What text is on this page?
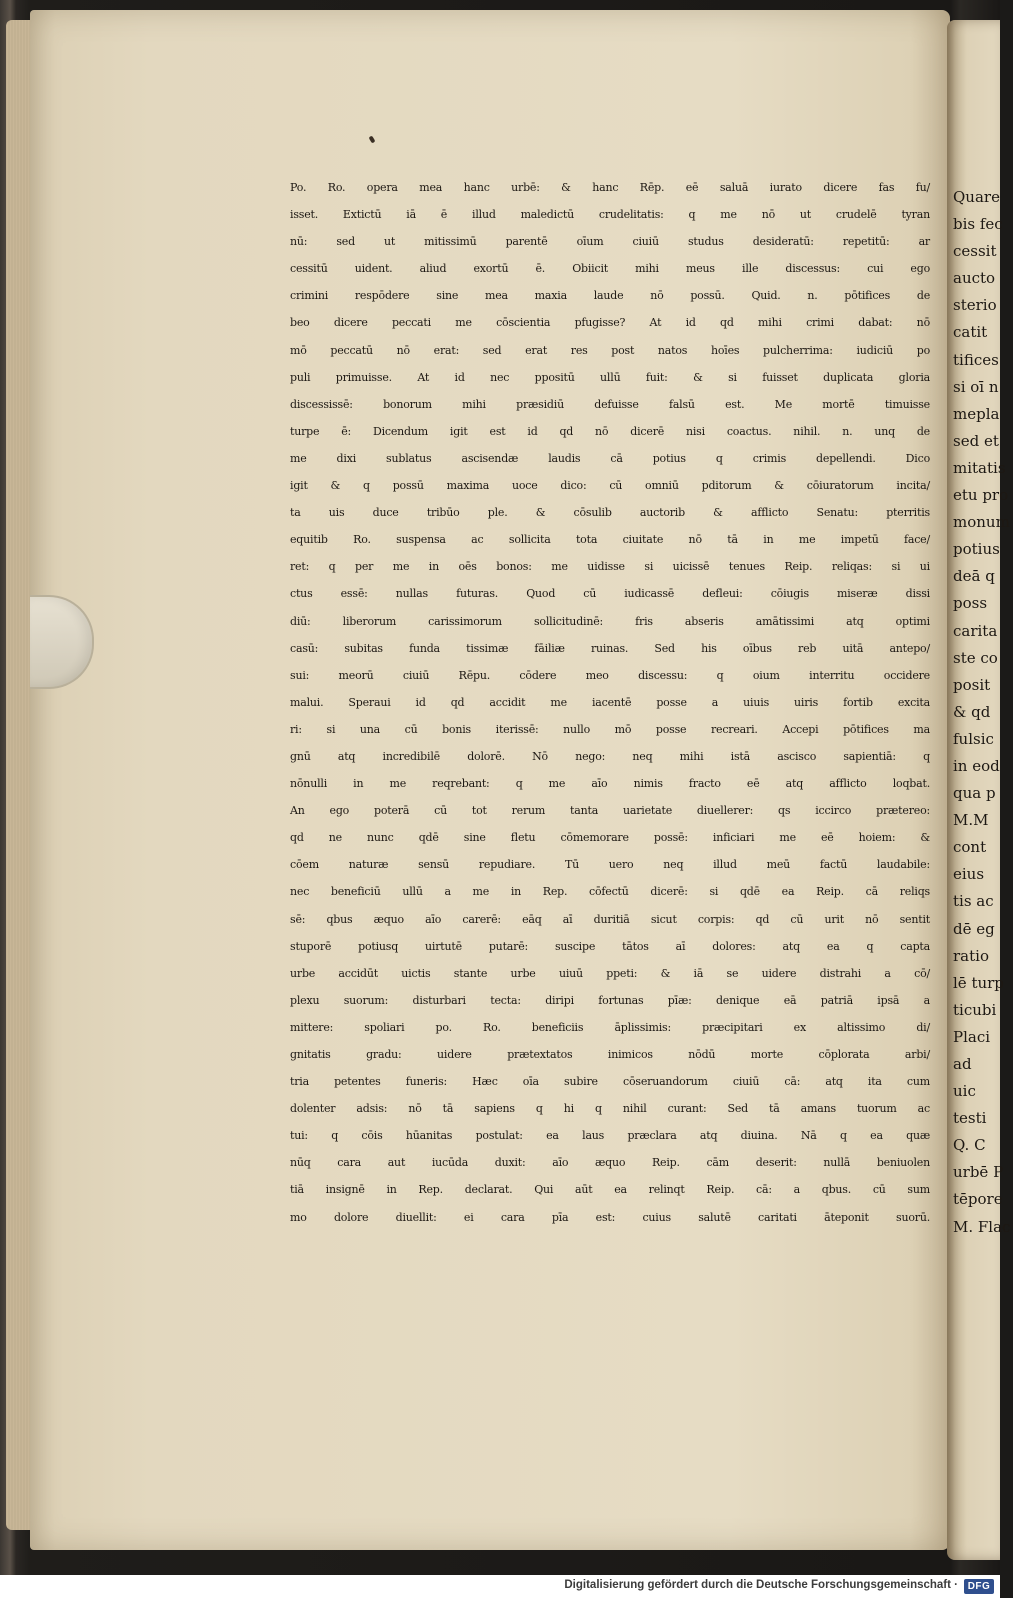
Po. Ro. opera mea hanc urbē: & hanc Rēp. eē saluā iurato dicere fas fu/
isset. Extictū iā ē illud maledictū crudelitatis: q me nō ut crudelē tyran
nū: sed ut mitissimū parentē oīum ciuiū studus desideratū: repetitū: ar
cessitū uident. aliud exortū ē. Obiicit mihi meus ille discessus: cui ego
crimini respōdere sine mea maxia laude nō possū. Quid. n. pōtifices de
beo dicere peccati me cōscientia pfugisse? At id qd mihi crimi dabat: nō
mō peccatū nō erat: sed erat res post natos hoīes pulcherrima: iudiciū po
puli primuisse. At id nec ppositū ullū fuit: & si fuisset duplicata gloria
discessissē: bonorum mihi præsidiū defuisse falsū est. Me mortē timuisse
turpe ē: Dicendum igit est id qd nō dicerē nisi coactus. nihil. n. unq de
me dixi sublatus ascisendæ laudis cā potius q crimis depellendi. Dico
igit & q possū maxima uoce dico: cū omniū pditorum & cōiuratorum incita/
ta uis duce tribūo ple. & cōsulib auctorib & afflicto Senatu: pterritis
equitib Ro. suspensa ac sollicita tota ciuitate nō tā in me impetū face/
ret: q per me in oēs bonos: me uidisse si uicissē tenues Reip. reliqas: si ui
ctus essē: nullas futuras. Quod cū iudicassē defleui: cōiugis miseræ dissi
diū: liberorum carissimorum sollicitudinē: fris abseris amātissimi atq optimi
casū: subitas funda tissimæ fāiliæ ruinas. Sed his oībus reb uitā antepo/
sui: meorū ciuiū Rēpu. cōdere meo discessu: q oium interritu occidere
malui. Speraui id qd accidit me iacentē posse a uiuis uiris fortib excita
ri: si una cū bonis iterissē: nullo mō posse recreari. Accepi pōtifices ma
gnū atq incredibilē dolorē. Nō nego: neq mihi istā ascisco sapientiā: q
nōnulli in me reqrebant: q me aīo nimis fracto eē atq afflicto loqbat.
An ego poterā cū tot rerum tanta uarietate diuellerer: qs iccirco prætereo:
qd ne nunc qdē sine fletu cōmemorare possē: inficiari me eē hoiem: &
cōem naturæ sensū repudiare. Tū uero neq illud meū factū laudabile:
nec beneficiū ullū a me in Rep. cōfectū dicerē: si qdē ea Reip. cā reliqs
sē: qbus æquo aīo carerē: eāq aī duritiā sicut corpis: qd cū urit nō sentit
stuporē potiusq uirtutē putarē: suscipe tātos aī dolores: atq ea q capta
urbe accidūt uictis stante urbe uiuū ppeti: & iā se uidere distrahi a cō/
plexu suorum: disturbari tecta: diripi fortunas pīæ: denique eā patriā ipsā a
mittere: spoliari po. Ro. beneficiis āplissimis: præcipitari ex altissimo di/
gnitatis gradu: uidere prætextatos inimicos nōdū morte cōplorata arbi/
tria petentes funeris: Hæc oīa subire cōseruandorum ciuiū cā: atq ita cum
dolenter adsis: nō tā sapiens q hi q nihil curant: Sed tā amans tuorum ac
tui: q cōis hūanitas postulat: ea laus præclara atq diuina. Nā q ea quæ
nūq cara aut iucūda duxit: aīo æquo Reip. cām deserit: nullā beniuolen
tiā insignē in Rep. declarat. Qui aūt ea relinqt Reip. cā: a qbus. cū sum
mo dolore diuellit: ei cara pīa est: cuius salutē caritati āteponit suorū.
Quare
bis fec
cessit
aucto
sterio
catit
tifices
si oī n
mepla
sed et
mitatis
etu pro
monum
potius
deā q
poss
carita
ste co
posit
& qd
fulsic
in eod
qua p
M.M
cont
eius
tis ac
dē eg
ratio
lē turp
ticubi
Placi
ad
uic
testi
Q. C
urbē P
tēpore
M. Flac
Digitalisierung gefördert durch die Deutsche Forschungsgemeinschaft · DFG
